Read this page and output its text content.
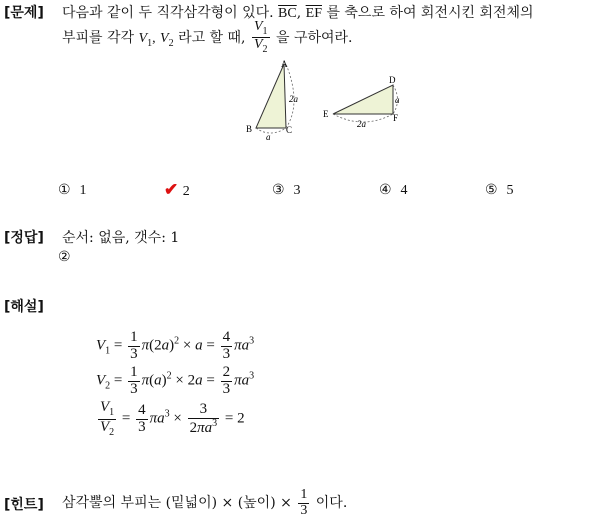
[문제] 다음과 같이 두 직각삼각형이 있다. $\overline{BC}$, $\overline{EF}$ 를 축으로 하여 회전시킨 회전체의
부피를 각각 $V_1$, $V_2$ 라고 할 때, $\frac{V_1}{V_2}$ 을 구하여라.
A
B	C
2a
a
D
E	F
a
2a
① 1	✔ 2	③ 3	④ 4	⑤ 5
[정답] 순서: 없음, 갯수: 1
②
[해설]
$V_1 = \frac{1}{3} \pi(2a)^2 \times a = \frac{4}{3} \pi a^3$
$V_2 = \frac{1}{3} \pi(a)^2 \times 2a = \frac{2}{3} \pi a^3$
$\frac{V_1}{V_2} = \frac{4}{3} \pi a^3 \times \frac{3}{2\pi a^3} = 2$
[힌트] 삼각뿔의 부피는 (밑넓이) × (높이) × $\frac{1}{3}$ 이다.
